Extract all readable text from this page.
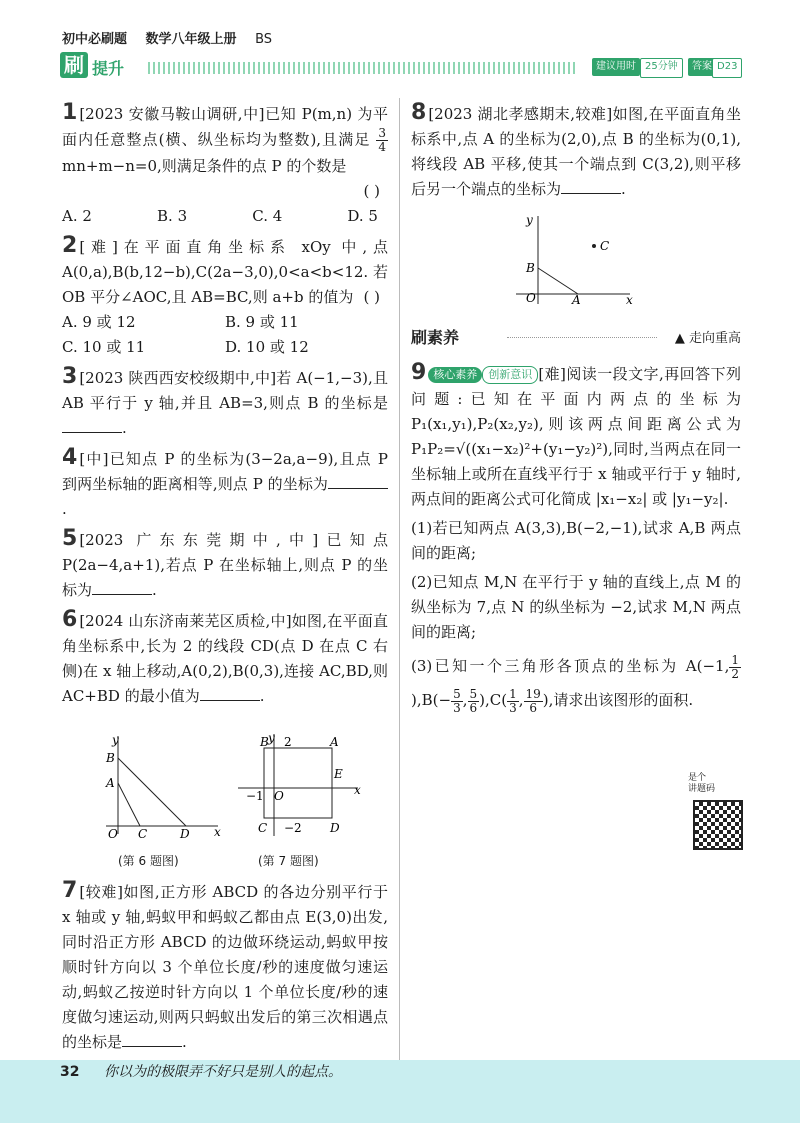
初中必刷题 数学八年级上册 BS
刷 提升	建议用时 25分钟	答案 D23
1 [2023 安徽马鞍山调研,中]已知 P(m,n) 为平面内任意整点(横、纵坐标均为整数),且满足 $\frac{3}{4}$
mn+m−n=0,则满足条件的点 P 的个数是
( )
A. 2	B. 3	C. 4	D. 5
2 [难]在平面直角坐标系 xOy 中,点 A(0,a),B(b,12−b),C(2a−3,0),0<a<b<12.若 OB 平分∠AOC,且 AB=BC,则 a+b 的值为 ( )
A. 9 或 12	B. 9 或 11
C. 10 或 11	D. 10 或 12
3 [2023 陕西西安校级期中,中]若 A(−1,−3),且 AB 平行于 y 轴,并且 AB=3,则点 B 的坐标是.
4 [中]已知点 P 的坐标为(3−2a,a−9),且点 P 到两坐标轴的距离相等,则点 P 的坐标为.
5 [2023 广东东莞期中,中]已知点 P(2a−4,a+1),若点 P 在坐标轴上,则点 P 的坐标为	.
6 [2024 山东济南莱芜区质检,中]如图,在平面直角坐标系中,长为 2 的线段 CD(点 D 在点 C 右侧)在 x 轴上移动,A(0,2),B(0,3),连接 AC,BD,则 AC+BD 的最小值为	.
y
B
A
O C	D x
(第 6 题图)
y
B 2	A
E
−1 O	x
C −2 D
(第 7 题图)
7 [较难]如图,正方形 ABCD 的各边分别平行于 x 轴或 y 轴,蚂蚁甲和蚂蚁乙都由点 E(3,0)出发,同时沿正方形 ABCD 的边做环绕运动,蚂蚁甲按顺时针方向以 3 个单位长度/秒的速度做匀速运动,蚂蚁乙按逆时针方向以 1 个单位长度/秒的速度做匀速运动,则两只蚂蚁出发后的第三次相遇点的坐标是	.
8 [2023 湖北孝感期末,较难]如图,在平面直角坐标系中,点 A 的坐标为(2,0),点 B 的坐标为(0,1),将线段 AB 平移,使其一个端点到 C(3,2),则平移后另一个端点的坐标为	.
y
B
O	A
C
x
刷素养	▲ 走向重高
9 核心素养 创新意识 [难]阅读一段文字,再回答下列问题:已知在平面内两点的坐标为 P₁(x₁,y₁),P₂(x₂,y₂),则该两点间距离公式为 P₁P₂=√((x₁−x₂)²+(y₁−y₂)²),同时,当两点在同一坐标轴上或所在直线平行于 x 轴或平行于 y 轴时,两点间的距离公式可化简成 |x₁−x₂| 或 |y₁−y₂|.
(1)若已知两点 A(3,3),B(−2,−1),试求 A,B 两点间的距离;
(2)已知点 M,N 在平行于 y 轴的直线上,点 M 的纵坐标为 7,点 N 的纵坐标为 −2,试求 M,N 两点间的距离;
(3)已知一个三角形各顶点的坐标为 A(−1, $\frac{1}{2}$
)$,B(- \frac{5}{3}$ , $\frac{5}{6} ),C( \frac{1}{3}$ , $\frac{19}{6}$ ),请求出该图形的面积.
是个
讲题码
32 你以为的极限弄不好只是别人的起点。
